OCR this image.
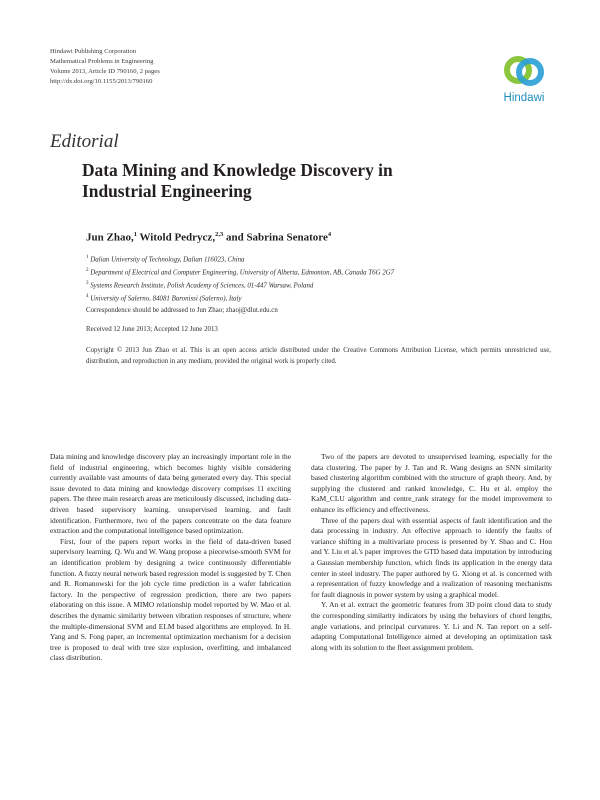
Hindawi Publishing Corporation
Mathematical Problems in Engineering
Volume 2013, Article ID 790160, 2 pages
http://dx.doi.org/10.1155/2013/790160
Hindawi
Editorial
Data Mining and Knowledge Discovery in Industrial Engineering
Jun Zhao,$^1$ Witold Pedrycz,$^{2,3}$ and Sabrina Senatore$^4$
$^1$ Dalian University of Technology, Dalian 116023, China
$^2$ Department of Electrical and Computer Engineering, University of Alberta, Edmonton, AB, Canada T6G 2G7
$^3$ Systems Research Institute, Polish Academy of Sciences, 01-447 Warsaw, Poland
$^4$ University of Salerno, 84081 Baronissi (Salerno), Italy
Correspondence should be addressed to Jun Zhao; zhaoj@dlut.edu.cn
Received 12 June 2013; Accepted 12 June 2013
Copyright © 2013 Jun Zhao et al. This is an open access article distributed under the Creative Commons Attribution License, which permits unrestricted use, distribution, and reproduction in any medium, provided the original work is properly cited.

Data mining and knowledge discovery play an increasingly important role in the field of industrial engineering, which becomes highly visible considering currently available vast amounts of data being generated every day. This special issue devoted to data mining and knowledge discovery comprises 11 exciting papers. The three main research areas are meticulously discussed, including data-driven based supervisory learning, unsupervised learning, and fault identification. Furthermore, two of the papers concentrate on the data feature extraction and the computational intelligence based optimization.

First, four of the papers report works in the field of data-driven based supervisory learning. Q. Wu and W. Wang propose a piecewise-smooth SVM for an identification problem by designing a twice continuously differentiable function. A fuzzy neural network based regression model is suggested by T. Chen and R. Romanowski for the job cycle time prediction in a wafer fabrication factory. In the perspective of regression prediction, there are two papers elaborating on this issue. A MIMO relationship model reported by W. Mao et al. describes the dynamic similarity between vibration responses of structure, where the multiple-dimensional SVM and ELM based algorithms are employed. In H. Yang and S. Fong paper, an incremental optimization mechanism for a decision tree is proposed to deal with tree size explosion, overfitting, and imbalanced class distribution.

Two of the papers are devoted to unsupervised learning, especially for the data clustering. The paper by J. Tan and R. Wang designs an SNN similarity based clustering algorithm combined with the structure of graph theory. And, by supplying the clustered and ranked knowledge, C. Hu et al. employ the KaM_CLU algorithm and centre_rank strategy for the model improvement to enhance its efficiency and effectiveness.

Three of the papers deal with essential aspects of fault identification and the data processing in industry. An effective approach to identify the faults of variance shifting in a multivariate process is presented by Y. Shao and C. Hou and Y. Liu et al.'s paper improves the GTD based data imputation by introducing a Gaussian membership function, which finds its application in the energy data center in steel industry. The paper authored by G. Xiong et al. is concerned with a representation of fuzzy knowledge and a realization of reasoning mechanisms for fault diagnosis in power system by using a graphical model.

Y. An et al. extract the geometric features from 3D point cloud data to study the corresponding similarity indicators by using the behaviors of chord lengths, angle variations, and principal curvatures. Y. Li and N. Tan report on a self-adapting Computational Intelligence aimed at developing an optimization task along with its solution to the fleet assignment problem.
